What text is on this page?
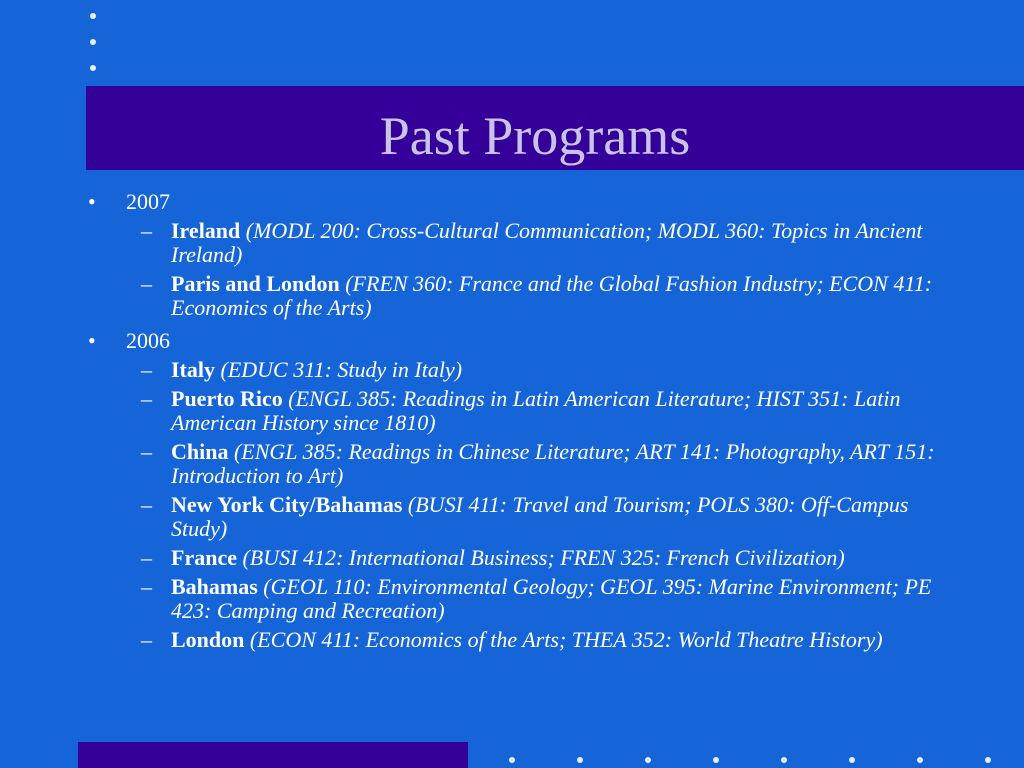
Past Programs
• 2007
– Ireland (MODL 200: Cross-Cultural Communication; MODL 360: Topics in Ancient Ireland)
– Paris and London (FREN 360: France and the Global Fashion Industry; ECON 411: Economics of the Arts)
• 2006
– Italy (EDUC 311: Study in Italy)
– Puerto Rico (ENGL 385: Readings in Latin American Literature; HIST 351: Latin American History since 1810)
– China (ENGL 385: Readings in Chinese Literature; ART 141: Photography, ART 151: Introduction to Art)
– New York City/Bahamas (BUSI 411: Travel and Tourism; POLS 380: Off-Campus Study)
– France (BUSI 412: International Business; FREN 325: French Civilization)
– Bahamas (GEOL 110: Environmental Geology; GEOL 395: Marine Environment; PE 423: Camping and Recreation)
– London (ECON 411: Economics of the Arts; THEA 352: World Theatre History)
